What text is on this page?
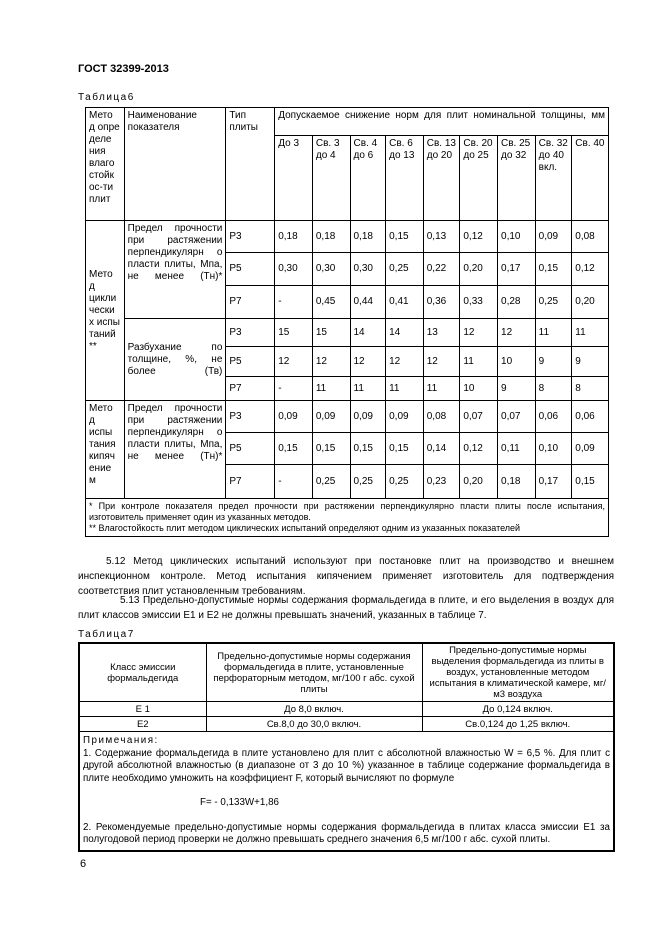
ГОСТ 32399-2013
Таблица6
Мето д опре деле ния влаго стойк ос-ти плит	Наименование показателя	Тип плиты	Допускаемое снижение норм для плит номинальной толщины, мм								
			До 3	Св. 3 до 4	Св. 4 до 6	Св. 6 до 13	Св. 13 до 20	Св. 20 до 25	Св. 25 до 32	Св. 32 до 40 вкл.	Св. 40
Мето д цикли чески х испы таний **	Предел прочности при растяжении перпендикулярн о пласти плиты, Мпа, не менее (Тн)*	P3	0,18	0,18	0,18	0,15	0,13	0,12	0,10	0,09	0,08
		P5	0,30	0,30	0,30	0,25	0,22	0,20	0,17	0,15	0,12
		P7	-	0,45	0,44	0,41	0,36	0,33	0,28	0,25	0,20
	Разбухание по толщине, %, не более (Тв)	P3	15	15	14	14	13	12	12	11	11
		P5	12	12	12	12	12	11	10	9	9
		P7	-	11	11	11	11	10	9	8	8
Мето д испы тания кипяч ение м	Предел прочности при растяжении перпендикулярн о пласти плиты, Мпа, не менее (Тн)*	P3	0,09	0,09	0,09	0,09	0,08	0,07	0,07	0,06	0,06
		P5	0,15	0,15	0,15	0,15	0,14	0,12	0,11	0,10	0,09
		P7	-	0,25	0,25	0,25	0,23	0,20	0,18	0,17	0,15

* При контроле показателя предел прочности при растяжении перпендикулярно пласти плиты после испытания, изготовитель применяет один из указанных методов.
** Влагостойкость плит методом циклических испытаний определяют одним из указанных показателей											
5.12 Метод циклических испытаний используют при постановке плит на производство и внешнем инспекционном контроле. Метод испытания кипячением применяет изготовитель для подтверждения соответствия плит установленным требованиям.
5.13 Предельно-допустимые нормы содержания формальдегида в плите, и его выделения в воздух для плит классов эмиссии Е1 и Е2 не должны превышать значений, указанных в таблице 7.
Таблица7
Класс эмиссии формальдегида	Предельно-допустимые нормы содержания формальдегида в плите, установленные перфораторным методом, мг/100 г абс. сухой плиты	Предельно-допустимые нормы выделения формальдегида из плиты в воздух, установленные методом испытания в климатической камере, мг/м3 воздуха
Е 1	До 8,0 включ.	До 0,124 включ.
Е2	Св.8,0 до 30,0 включ.	Св.0,124 до 1,25 включ.

Примечания:
1. Содержание формальдегида в плите установлено для плит с абсолютной влажностью W = 6,5 %. Для плит с другой абсолютной влажностью (в диапазоне от 3 до 10 %) указанное в таблице содержание формальдегида в плите необходимо умножить на коэффициент F, который вычисляют по формуле
F= - 0,133W+1,86
2. Рекомендуемые предельно-допустимые нормы содержания формальдегида в плитах класса эмиссии Е1 за полугодовой период проверки не должно превышать среднего значения 6,5 мг/100 г абс. сухой плиты.		
6
